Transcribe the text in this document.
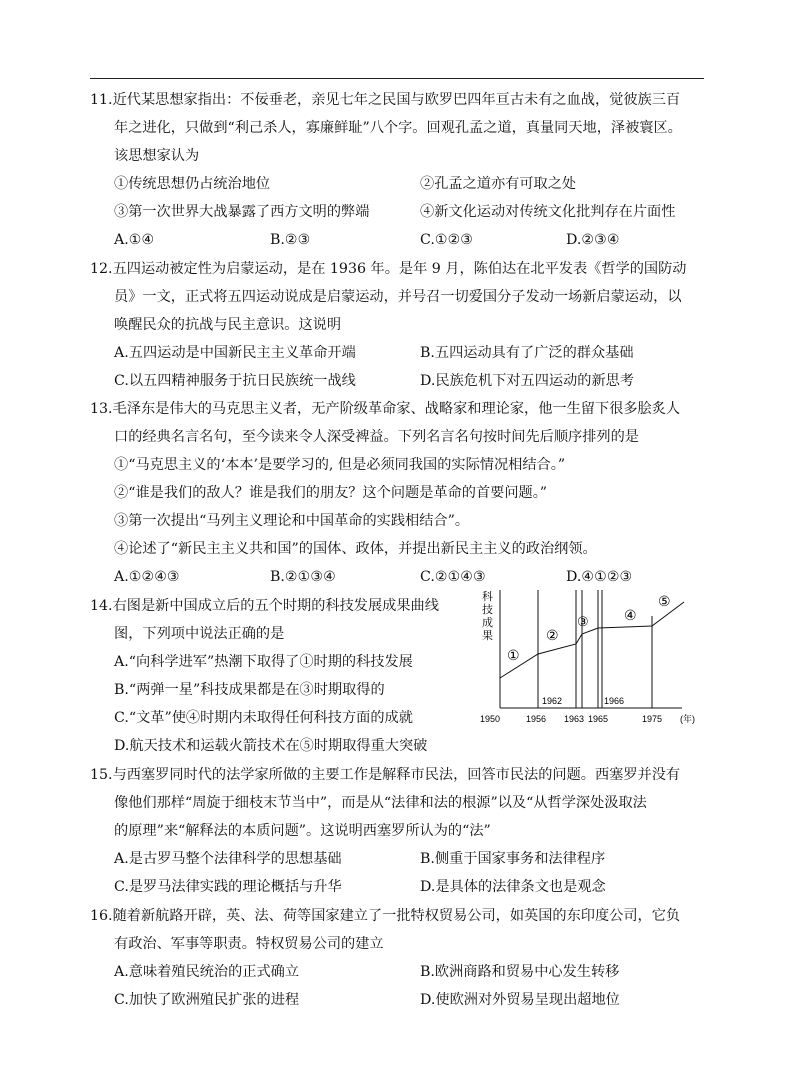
11.近代某思想家指出：不佞垂老，亲见七年之民国与欧罗巴四年亘古未有之血战，觉彼族三百
年之进化，只做到“利己杀人，寡廉鲜耻”八个字。回观孔孟之道，真量同天地，泽被寰区。
该思想家认为
①传统思想仍占统治地位	②孔孟之道亦有可取之处
③第一次世界大战暴露了西方文明的弊端	④新文化运动对传统文化批判存在片面性
A.①④	B.②③	C.①②③	D.②③④
12.五四运动被定性为启蒙运动，是在 1936 年。是年 9 月，陈伯达在北平发表《哲学的国防动
员》一文，正式将五四运动说成是启蒙运动，并号召一切爱国分子发动一场新启蒙运动，以
唤醒民众的抗战与民主意识。这说明
A.五四运动是中国新民主主义革命开端	B.五四运动具有了广泛的群众基础
C.以五四精神服务于抗日民族统一战线	D.民族危机下对五四运动的新思考
13.毛泽东是伟大的马克思主义者，无产阶级革命家、战略家和理论家，他一生留下很多脍炙人
口的经典名言名句，至今读来令人深受裨益。下列名言名句按时间先后顺序排列的是
①“马克思主义的‘本本’是要学习的, 但是必须同我国的实际情况相结合。”
②“谁是我们的敌人？谁是我们的朋友？这个问题是革命的首要问题。”
③第一次提出“马列主义理论和中国革命的实践相结合”。
④论述了“新民主主义共和国”的国体、政体，并提出新民主主义的政治纲领。
A.①②④③	B.②①③④	C.②①④③	D.④①②③
14.右图是新中国成立后的五个时期的科技发展成果曲线
图，下列项中说法正确的是
A.“向科学进军”热潮下取得了①时期的科技发展
B.“两弹一星”科技成果都是在③时期取得的
C.“文革”使④时期内未取得任何科技方面的成就
D.航天技术和运载火箭技术在⑤时期取得重大突破
科
技
成
果
①
②
③	④
⑤
1962	1966
1950	1956 1963 1965	1975 (年)
15.与西塞罗同时代的法学家所做的主要工作是解释市民法，回答市民法的问题。西塞罗并没有
像他们那样“周旋于细枝末节当中”，而是从“法律和法的根源”以及“从哲学深处汲取法
的原理”来“解释法的本质问题”。这说明西塞罗所认为的“法”
A.是古罗马整个法律科学的思想基础	B.侧重于国家事务和法律程序
C.是罗马法律实践的理论概括与升华	D.是具体的法律条文也是观念
16.随着新航路开辟，英、法、荷等国家建立了一批特权贸易公司，如英国的东印度公司，它负
有政治、军事等职责。特权贸易公司的建立
A.意味着殖民统治的正式确立	B.欧洲商路和贸易中心发生转移
C.加快了欧洲殖民扩张的进程	D.使欧洲对外贸易呈现出超地位
